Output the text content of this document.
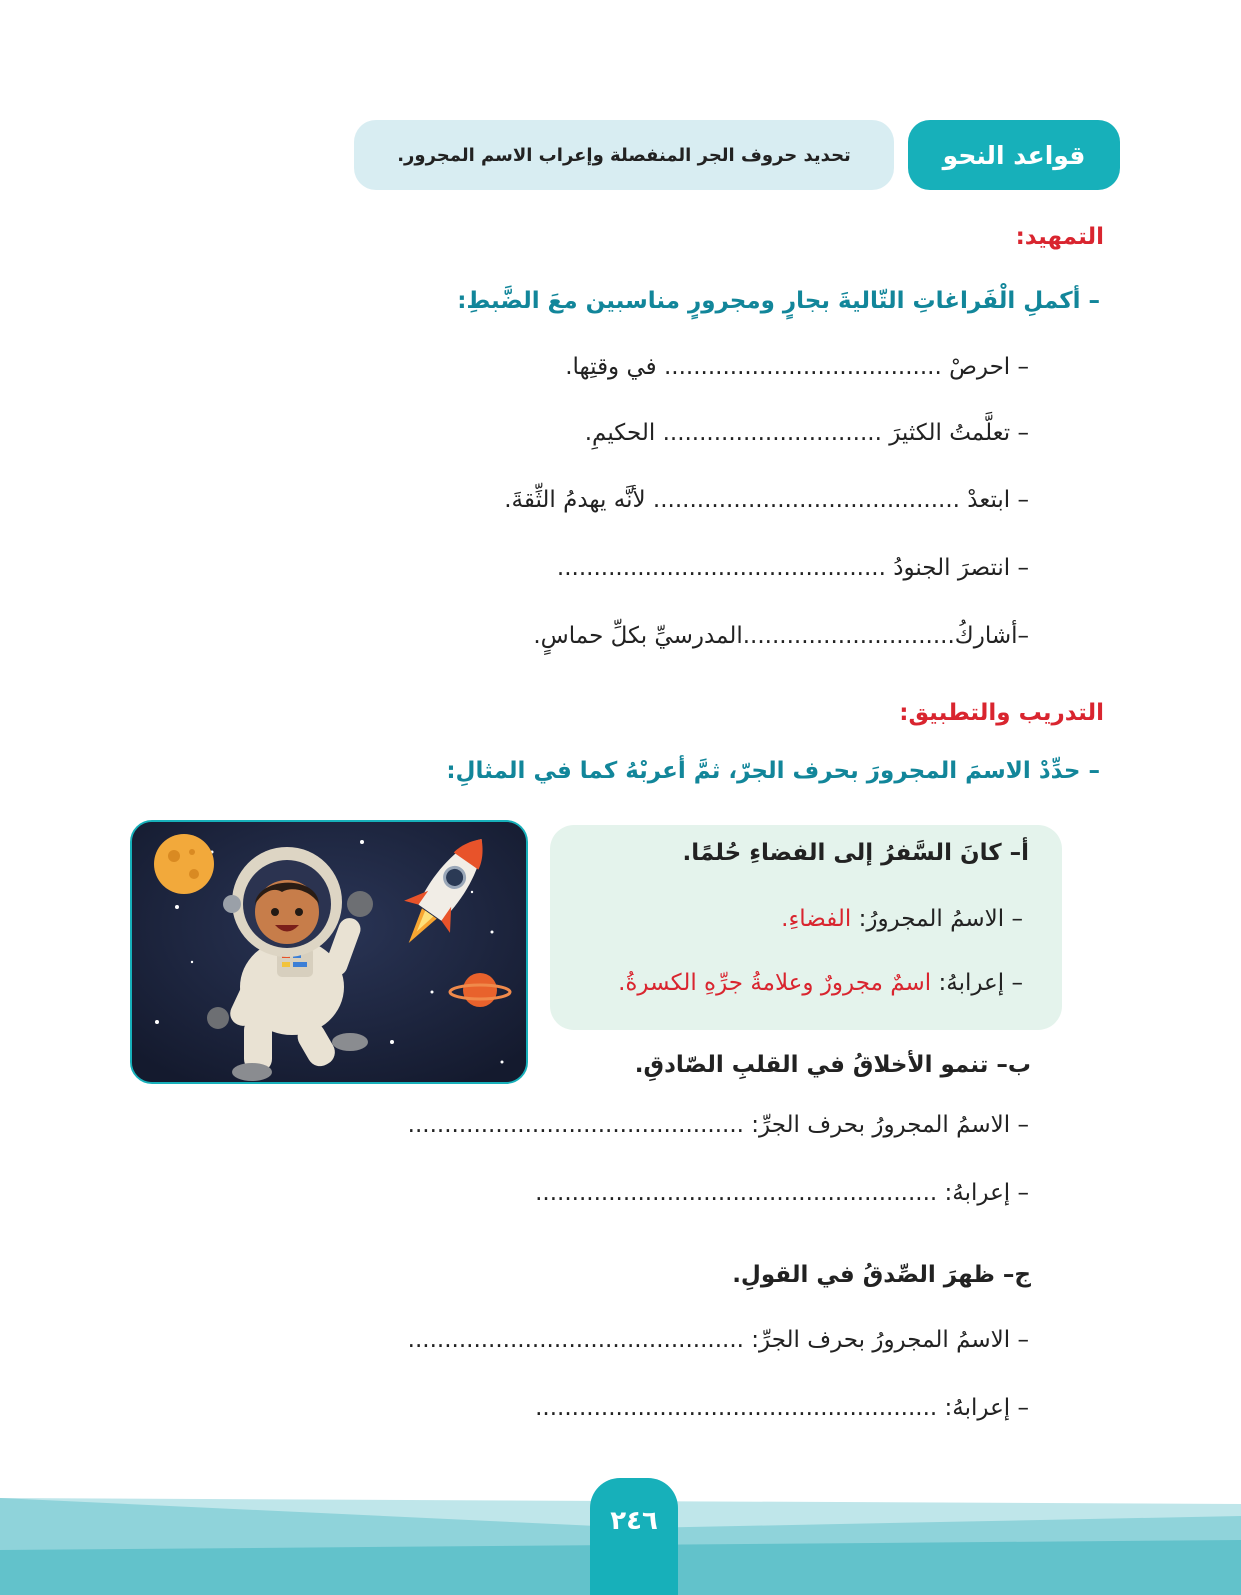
قواعد النحو
تحديد حروف الجر المنفصلة وإعراب الاسم المجرور.
التمهيد:
– أكملِ الْفَراغاتِ التّاليةَ بجارٍ ومجرورٍ مناسبين معَ الضَّبطِ:
– احرصْ ...................................... في وقتِها.
– تعلَّمتُ الكثيرَ .............................. الحكيمِ.
– ابتعدْ .......................................... لأنَّه يهدمُ الثِّقةَ.
– انتصرَ الجنودُ .............................................
–أشاركُ.............................المدرسيِّ بكلِّ حماسٍ.
التدريب والتطبيق:
– حدِّدْ الاسمَ المجرورَ بحرف الجرّ، ثمَّ أعربْهُ كما في المثالِ:
أ– كانَ السَّفرُ إلى الفضاءِ حُلمًا.
– الاسمُ المجرورُ: الفضاءِ.
– إعرابهُ: اسمٌ مجرورٌ وعلامةُ جرِّهِ الكسرةُ.
ب– تنمو الأخلاقُ في القلبِ الصّادقِ.
– الاسمُ المجرورُ بحرف الجرِّ: ..............................................
– إعرابهُ: .......................................................
ج– ظهرَ الصِّدقُ في القولِ.
– الاسمُ المجرورُ بحرف الجرِّ: ..............................................
– إعرابهُ: .......................................................
٢٤٦
